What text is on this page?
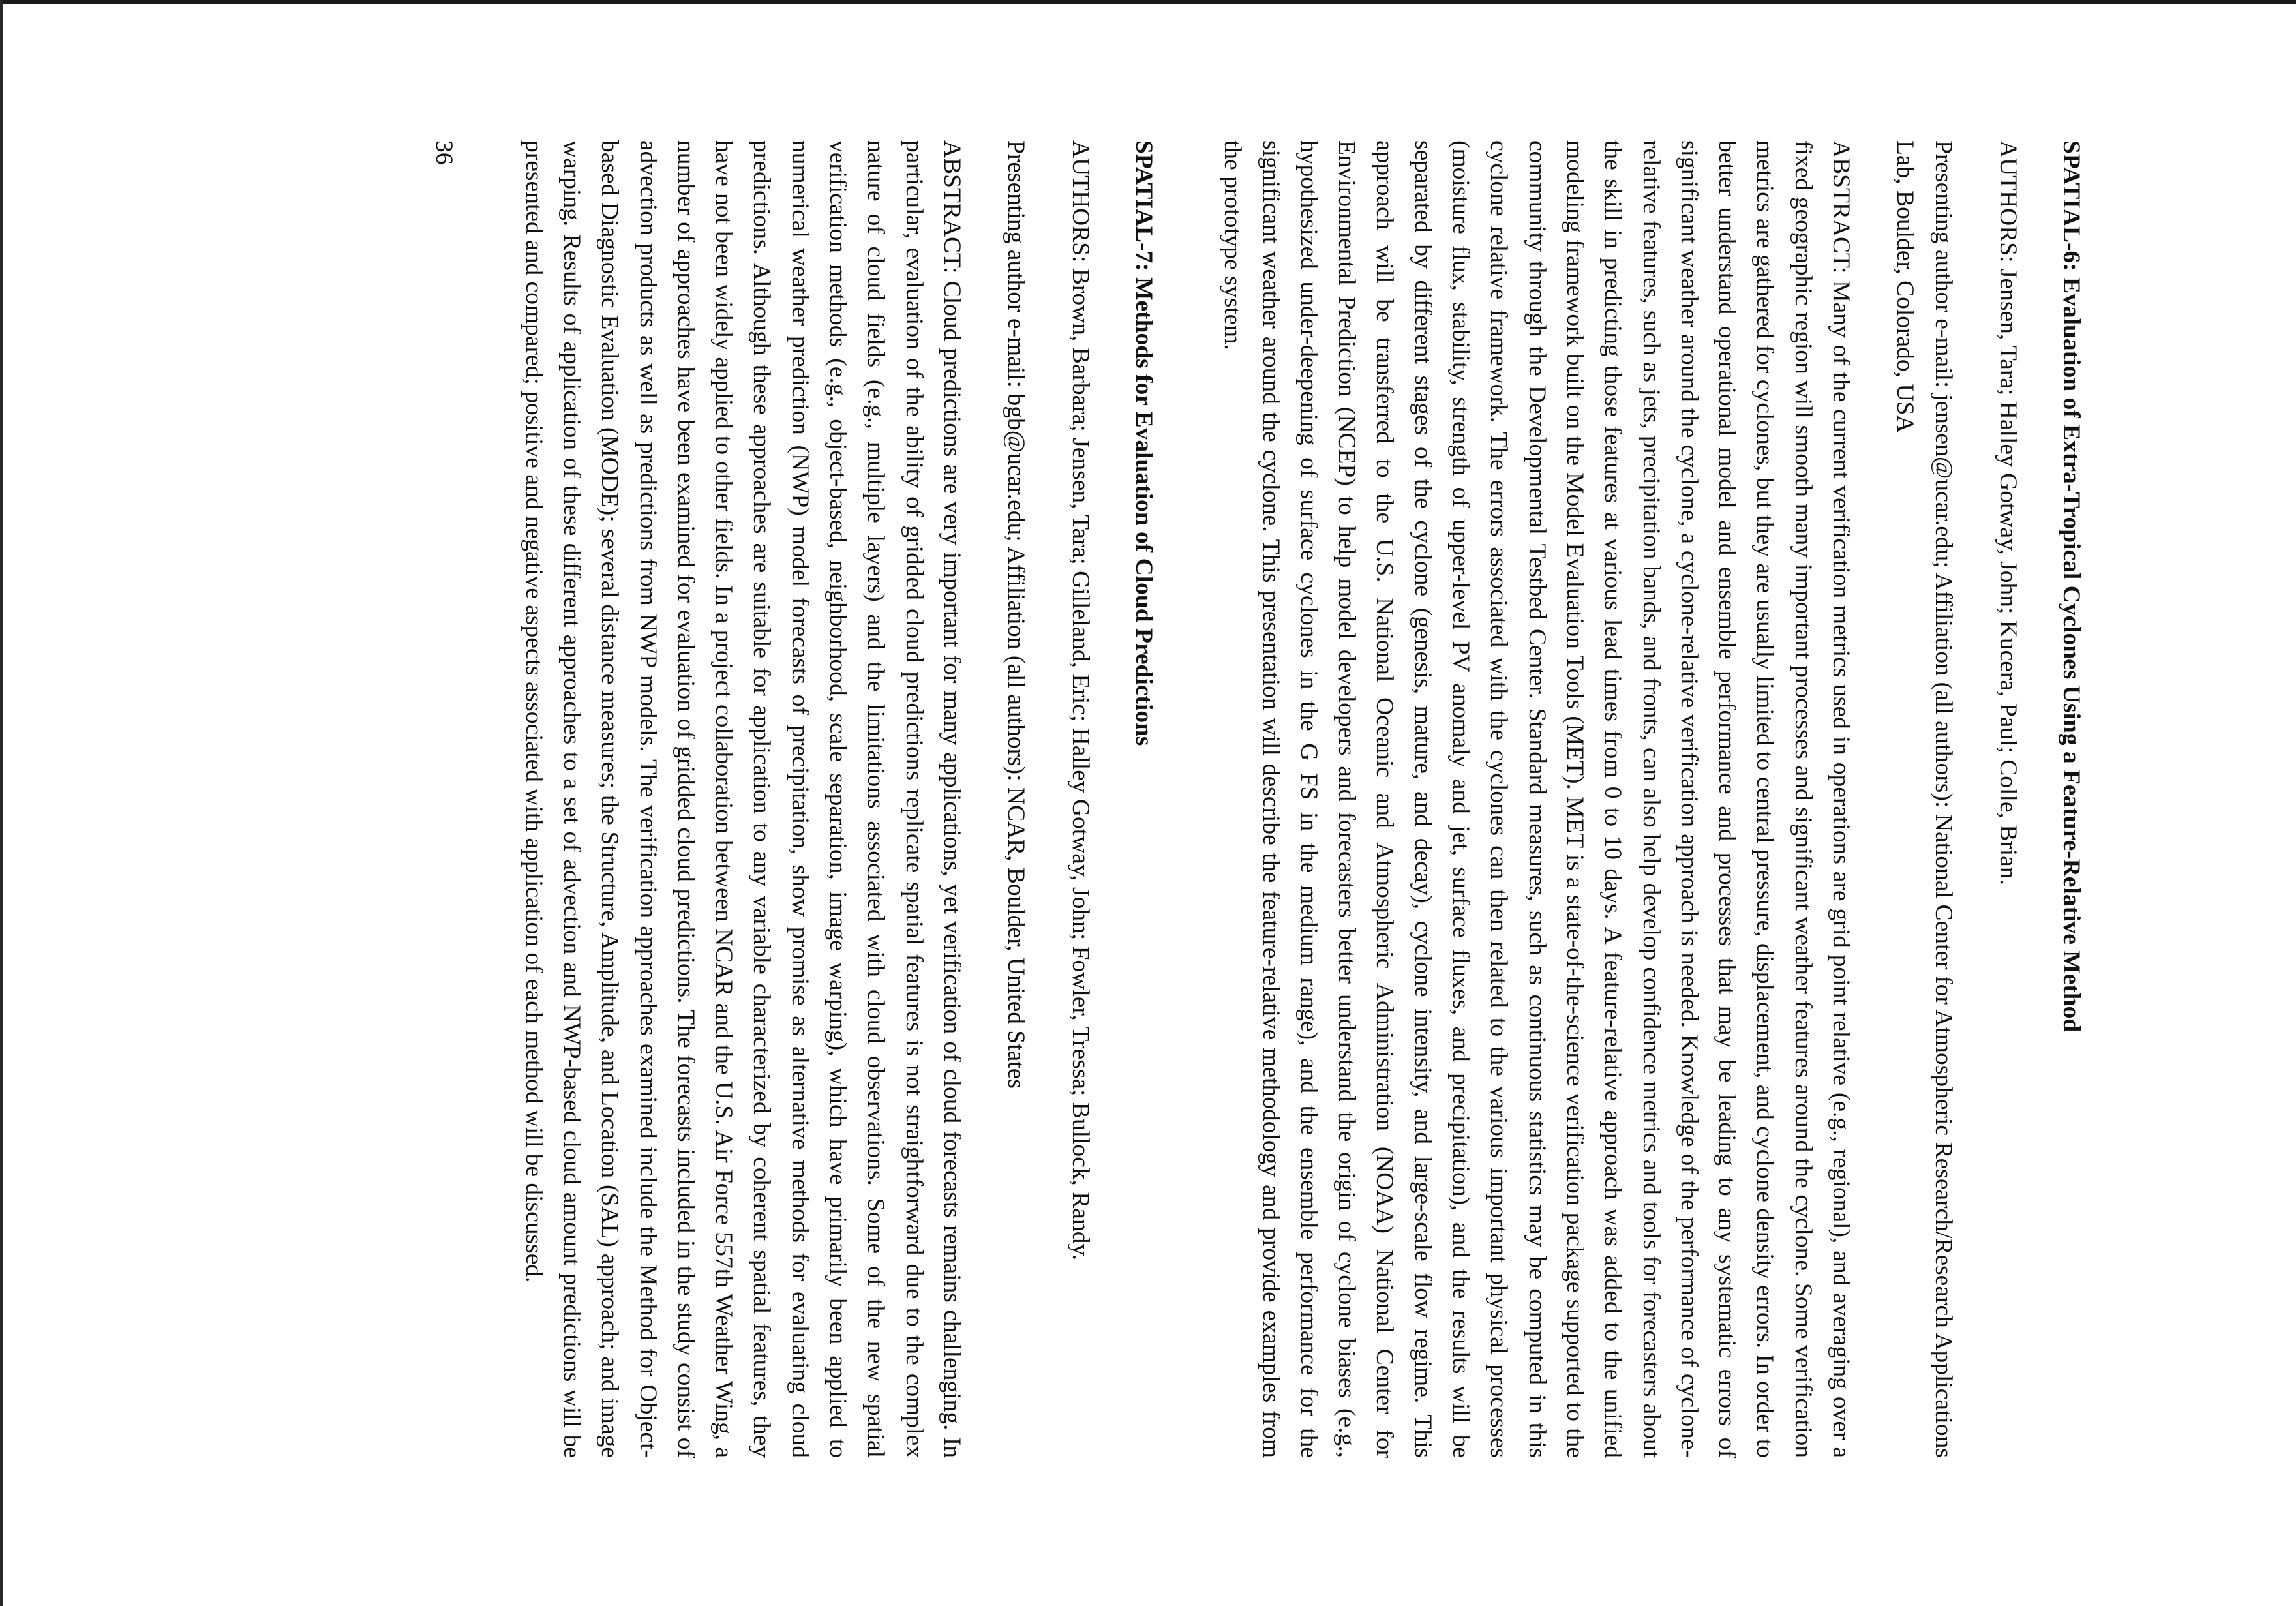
SPATIAL-6: Evaluation of Extra-Tropical Cyclones Using a Feature-Relative Method

AUTHORS: Jensen, Tara; Halley Gotway, John; Kucera, Paul; Colle, Brian.

Presenting author e-mail: jensen@ucar.edu; Affiliation (all authors): National Center for Atmospheric Research/Research Applications Lab, Boulder, Colorado, USA

ABSTRACT: Many of the current verification metrics used in operations are grid point relative (e.g., regional), and averaging over a fixed geographic region will smooth many important processes and significant weather features around the cyclone. Some verification metrics are gathered for cyclones, but they are usually limited to central pressure, displacement, and cyclone density errors. In order to better understand operational model and ensemble performance and processes that may be leading to any systematic errors of significant weather around the cyclone, a cyclone-relative verification approach is needed. Knowledge of the performance of cyclone-relative features, such as jets, precipitation bands, and fronts, can also help develop confidence metrics and tools for forecasters about the skill in predicting those features at various lead times from 0 to 10 days. A feature-relative approach was added to the unified modeling framework built on the Model Evaluation Tools (MET). MET is a state-of-the-science verification package supported to the community through the Developmental Testbed Center. Standard measures, such as continuous statistics may be computed in this cyclone relative framework. The errors associated with the cyclones can then related to the various important physical processes (moisture flux, stability, strength of upper-level PV anomaly and jet, surface fluxes, and precipitation), and the results will be separated by different stages of the cyclone (genesis, mature, and decay), cyclone intensity, and large-scale flow regime. This approach will be transferred to the U.S. National Oceanic and Atmospheric Administration (NOAA) National Center for Environmental Prediction (NCEP) to help model developers and forecasters better understand the origin of cyclone biases (e.g., hypothesized under-deepening of surface cyclones in the G FS in the medium range), and the ensemble performance for the significant weather around the cyclone. This presentation will describe the feature-relative methodology and provide examples from the prototype system.

SPATIAL-7: Methods for Evaluation of Cloud Predictions

AUTHORS: Brown, Barbara; Jensen, Tara; Gilleland, Eric; Halley Gotway, John; Fowler, Tressa; Bullock, Randy.

Presenting author e-mail: bgb@ucar.edu; Affiliation (all authors): NCAR, Boulder, United States

ABSTRACT: Cloud predictions are very important for many applications, yet verification of cloud forecasts remains challenging. In particular, evaluation of the ability of gridded cloud predictions replicate spatial features is not straightforward due to the complex nature of cloud fields (e.g., multiple layers) and the limitations associated with cloud observations. Some of the new spatial verification methods (e.g., object-based, neighborhood, scale separation, image warping), which have primarily been applied to numerical weather prediction (NWP) model forecasts of precipitation, show promise as alternative methods for evaluating cloud predictions. Although these approaches are suitable for application to any variable characterized by coherent spatial features, they have not been widely applied to other fields. In a project collaboration between NCAR and the U.S. Air Force 557th Weather Wing, a number of approaches have been examined for evaluation of gridded cloud predictions. The forecasts included in the study consist of advection products as well as predictions from NWP models. The verification approaches examined include the Method for Object-based Diagnostic Evaluation (MODE); several distance measures; the Structure, Amplitude, and Location (SAL) approach; and image warping. Results of application of these different approaches to a set of advection and NWP-based cloud amount predictions will be presented and compared; positive and negative aspects associated with application of each method will be discussed.

36
